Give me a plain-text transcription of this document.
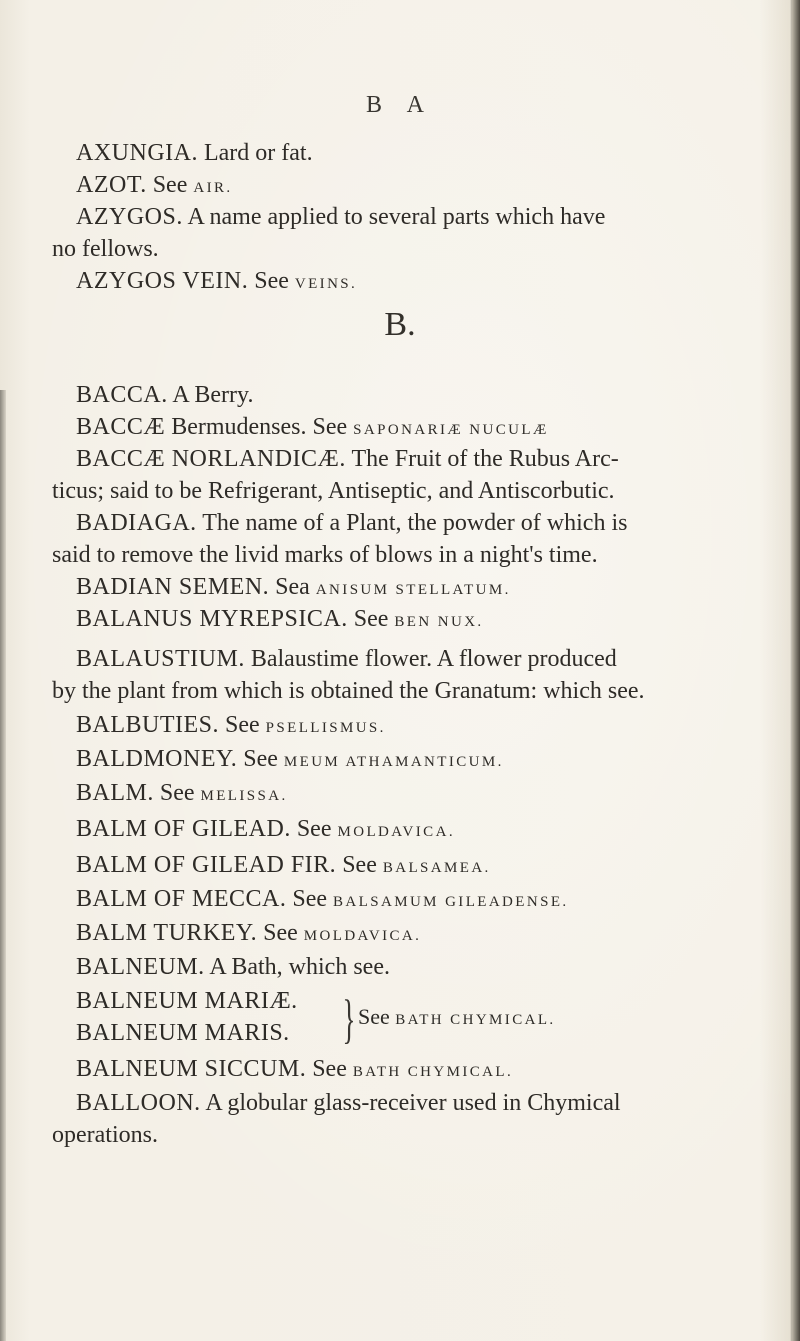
B A
AXUNGIA. Lard or fat.
AZOT. See AIR.
AZYGOS. A name applied to several parts which have
no fellows.
AZYGOS VEIN. See VEINS.
B.
BACCA. A Berry.
BACCÆ Bermudenses. See SAPONARIÆ NUCULÆ
BACCÆ NORLANDICÆ. The Fruit of the Rubus Arc-
ticus; said to be Refrigerant, Antiseptic, and Antiscorbutic.
BADIAGA. The name of a Plant, the powder of which is
said to remove the livid marks of blows in a night's time.
BADIAN SEMEN. Sea ANISUM STELLATUM.
BALANUS MYREPSICA. See BEN NUX.
BALAUSTIUM. Balaustime flower. A flower produced
by the plant from which is obtained the Granatum: which see.
BALBUTIES. See PSELLISMUS.
BALDMONEY. See MEUM ATHAMANTICUM.
BALM. See MELISSA.
BALM OF GILEAD. See MOLDAVICA.
BALM OF GILEAD FIR. See BALSAMEA.
BALM OF MECCA. See BALSAMUM GILEADENSE.
BALM TURKEY. See MOLDAVICA.
BALNEUM. A Bath, which see.
BALNEUM MARIÆ.
BALNEUM MARIS. } See BATH CHYMICAL.
BALNEUM SICCUM. See BATH CHYMICAL.
BALLOON. A globular glass-receiver used in Chymical
operations.
